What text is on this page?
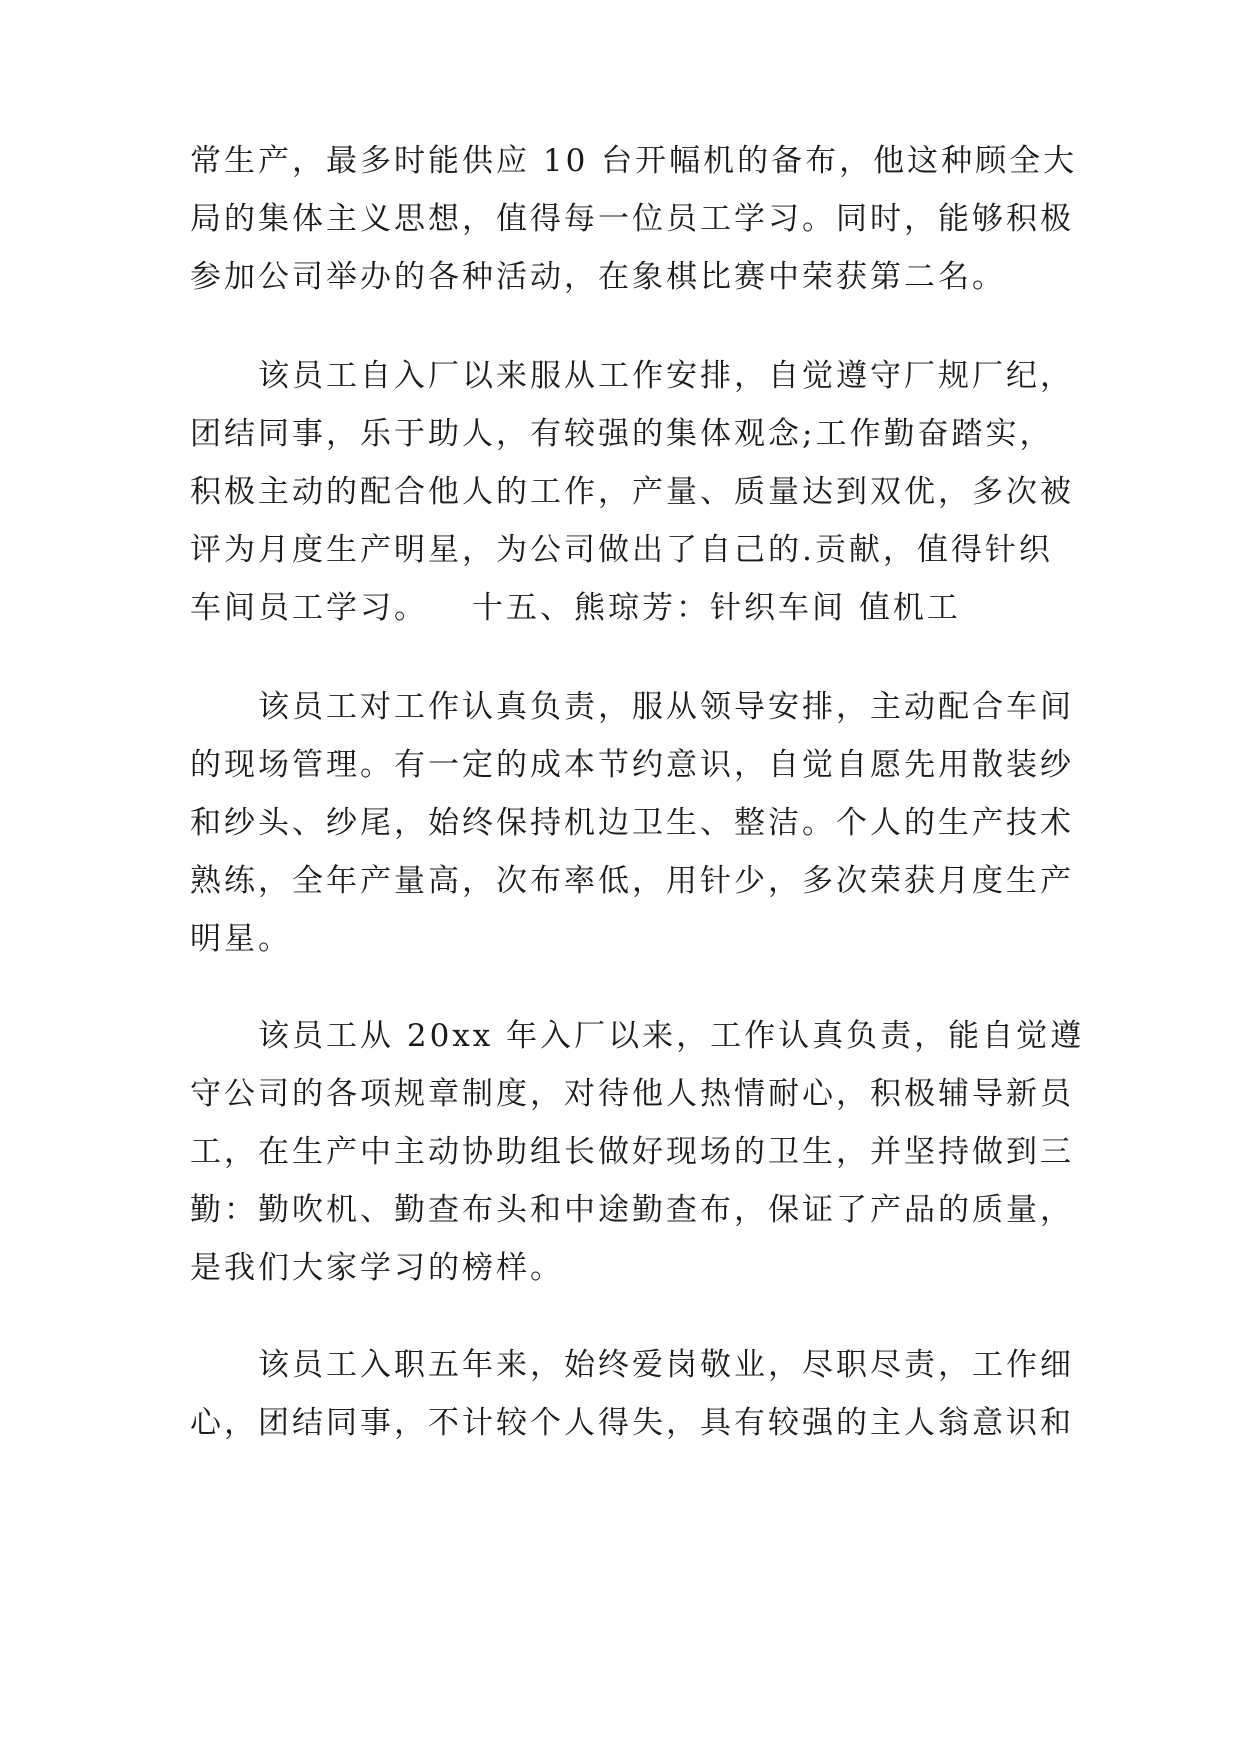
常生产，最多时能供应 10 台开幅机的备布，他这种顾全大
局的集体主义思想，值得每一位员工学习。同时，能够积极
参加公司举办的各种活动，在象棋比赛中荣获第二名。
该员工自入厂以来服从工作安排，自觉遵守厂规厂纪，
团结同事，乐于助人，有较强的集体观念;工作勤奋踏实，
积极主动的配合他人的工作，产量、质量达到双优，多次被
评为月度生产明星，为公司做出了自己的.贡献，值得针织
车间员工学习。 十五、熊琼芳：针织车间 值机工
该员工对工作认真负责，服从领导安排，主动配合车间
的现场管理。有一定的成本节约意识，自觉自愿先用散装纱
和纱头、纱尾，始终保持机边卫生、整洁。个人的生产技术
熟练，全年产量高，次布率低，用针少，多次荣获月度生产
明星。
该员工从 20xx 年入厂以来，工作认真负责，能自觉遵
守公司的各项规章制度，对待他人热情耐心，积极辅导新员
工，在生产中主动协助组长做好现场的卫生，并坚持做到三
勤：勤吹机、勤查布头和中途勤查布，保证了产品的质量，
是我们大家学习的榜样。
该员工入职五年来，始终爱岗敬业，尽职尽责，工作细
心，团结同事，不计较个人得失，具有较强的主人翁意识和
